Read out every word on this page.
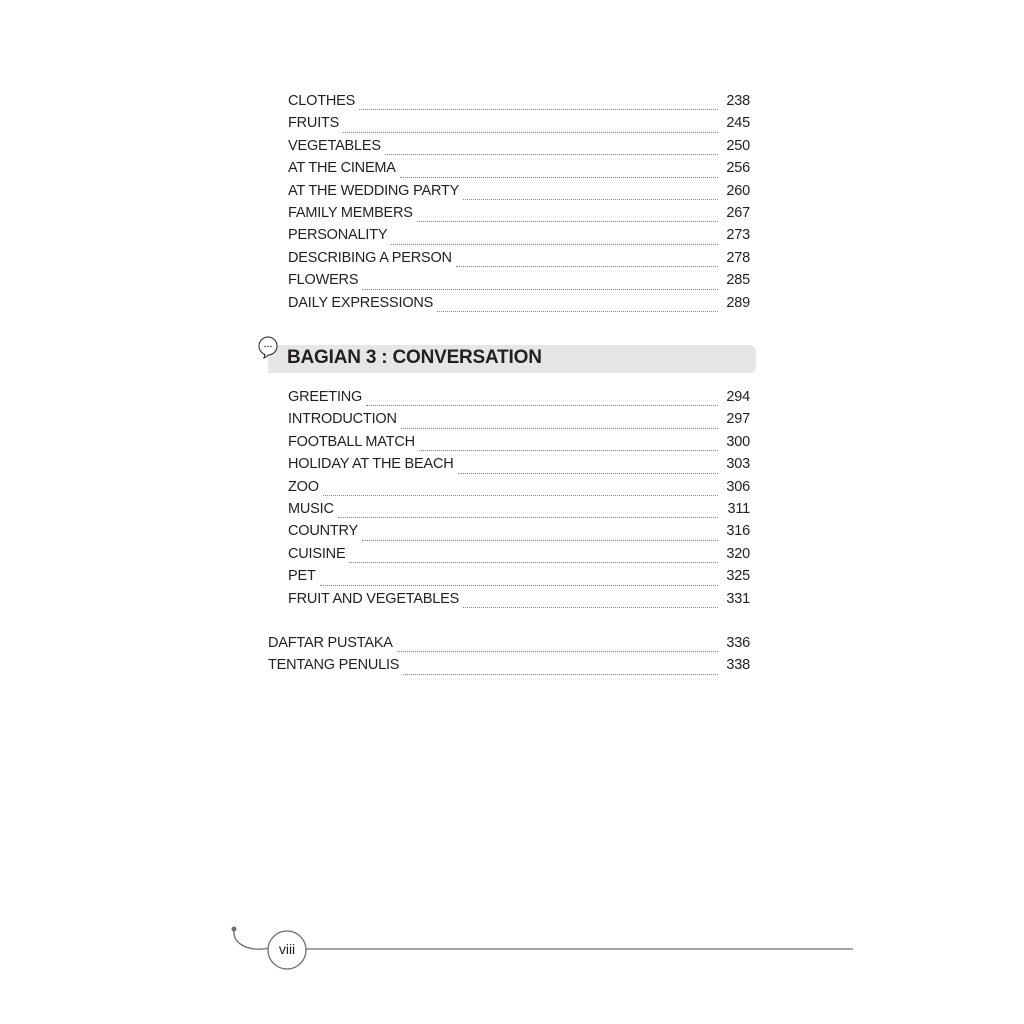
CLOTHES	238
FRUITS	245
VEGETABLES	250
AT THE CINEMA	256
AT THE WEDDING PARTY	260
FAMILY MEMBERS	267
PERSONALITY	273
DESCRIBING A PERSON	278
FLOWERS	285
DAILY EXPRESSIONS	289
BAGIAN 3 : CONVERSATION
GREETING	294
INTRODUCTION	297
FOOTBALL MATCH	300
HOLIDAY AT THE BEACH	303
ZOO	306
MUSIC	311
COUNTRY	316
CUISINE	320
PET	325
FRUIT AND VEGETABLES	331
DAFTAR PUSTAKA	336
TENTANG PENULIS	338
viii
